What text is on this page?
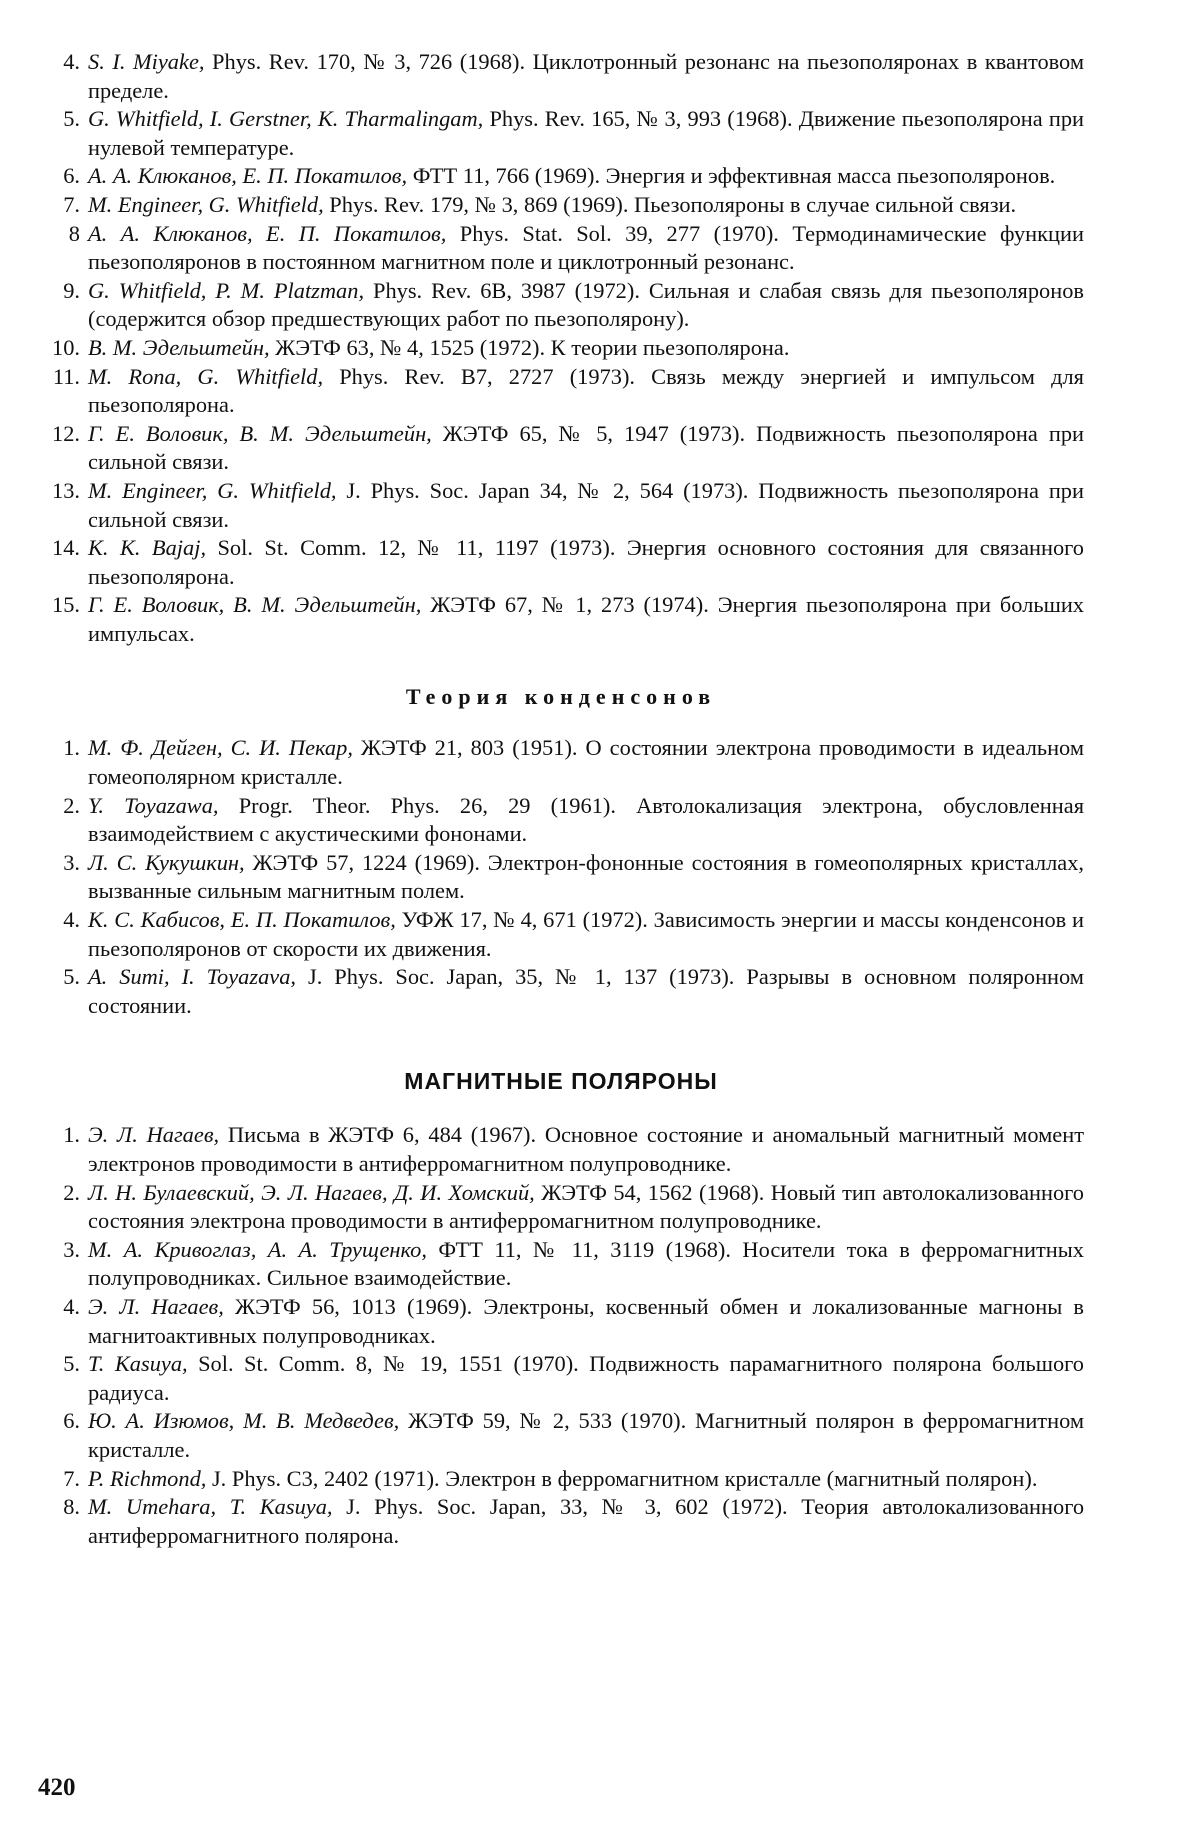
4. S. I. Miyake, Phys. Rev. 170, № 3, 726 (1968). Циклотронный резонанс на пьезополяронах в квантовом пределе.
5. G. Whitfield, I. Gerstner, K. Tharmalingam, Phys. Rev. 165, № 3, 993 (1968). Движение пьезополярона при нулевой температуре.
6. А. А. Клюканов, Е. П. Покатилов, ФТТ 11, 766 (1969). Энергия и эффективная масса пьезополяронов.
7. M. Engineer, G. Whitfield, Phys. Rev. 179, № 3, 869 (1969). Пьезополяроны в случае сильной связи.
8 А. А. Клюканов, Е. П. Покатилов, Phys. Stat. Sol. 39, 277 (1970). Термодинамические функции пьезополяронов в постоянном магнитном поле и циклотронный резонанс.
9. G. Whitfield, P. M. Platzman, Phys. Rev. 6B, 3987 (1972). Сильная и слабая связь для пьезополяронов (содержится обзор предшествующих работ по пьезополярону).
10. В. М. Эдельштейн, ЖЭТФ 63, № 4, 1525 (1972). К теории пьезополярона.
11. M. Rona, G. Whitfield, Phys. Rev. B7, 2727 (1973). Связь между энергией и импульсом для пьезополярона.
12. Г. Е. Воловик, В. М. Эдельштейн, ЖЭТФ 65, № 5, 1947 (1973). Подвижность пьезополярона при сильной связи.
13. M. Engineer, G. Whitfield, J. Phys. Soc. Japan 34, № 2, 564 (1973). Подвижность пьезополярона при сильной связи.
14. K. K. Bajaj, Sol. St. Comm. 12, № 11, 1197 (1973). Энергия основного состояния для связанного пьезополярона.
15. Г. Е. Воловик, В. М. Эдельштейн, ЖЭТФ 67, № 1, 273 (1974). Энергия пьезополярона при больших импульсах.
Теория конденсонов
1. М. Ф. Дейген, С. И. Пекар, ЖЭТФ 21, 803 (1951). О состоянии электрона проводимости в идеальном гомеополярном кристалле.
2. Y. Toyazawa, Progr. Theor. Phys. 26, 29 (1961). Автолокализация электрона, обусловленная взаимодействием с акустическими фононами.
3. Л. С. Кукушкин, ЖЭТФ 57, 1224 (1969). Электрон-фононные состояния в гомеополярных кристаллах, вызванные сильным магнитным полем.
4. К. С. Кабисов, Е. П. Покатилов, УФЖ 17, № 4, 671 (1972). Зависимость энергии и массы конденсонов и пьезополяронов от скорости их движения.
5. A. Sumi, I. Toyazava, J. Phys. Soc. Japan, 35, № 1, 137 (1973). Разрывы в основном поляронном состоянии.
МАГНИТНЫЕ ПОЛЯРОНЫ
1. Э. Л. Нагаев, Письма в ЖЭТФ 6, 484 (1967). Основное состояние и аномальный магнитный момент электронов проводимости в антиферромагнитном полупроводнике.
2. Л. Н. Булаевский, Э. Л. Нагаев, Д. И. Хомский, ЖЭТФ 54, 1562 (1968). Новый тип автолокализованного состояния электрона проводимости в антиферромагнитном полупроводнике.
3. М. А. Кривоглаз, А. А. Трущенко, ФТТ 11, № 11, 3119 (1968). Носители тока в ферромагнитных полупроводниках. Сильное взаимодействие.
4. Э. Л. Нагаев, ЖЭТФ 56, 1013 (1969). Электроны, косвенный обмен и локализованные магноны в магнитоактивных полупроводниках.
5. T. Kasuya, Sol. St. Comm. 8, № 19, 1551 (1970). Подвижность парамагнитного полярона большого радиуса.
6. Ю. А. Изюмов, М. В. Медведев, ЖЭТФ 59, № 2, 533 (1970). Магнитный полярон в ферромагнитном кристалле.
7. P. Richmond, J. Phys. C3, 2402 (1971). Электрон в ферромагнитном кристалле (магнитный полярон).
8. M. Umehara, T. Kasuya, J. Phys. Soc. Japan, 33, № 3, 602 (1972). Теория автолокализованного антиферромагнитного полярона.
420
